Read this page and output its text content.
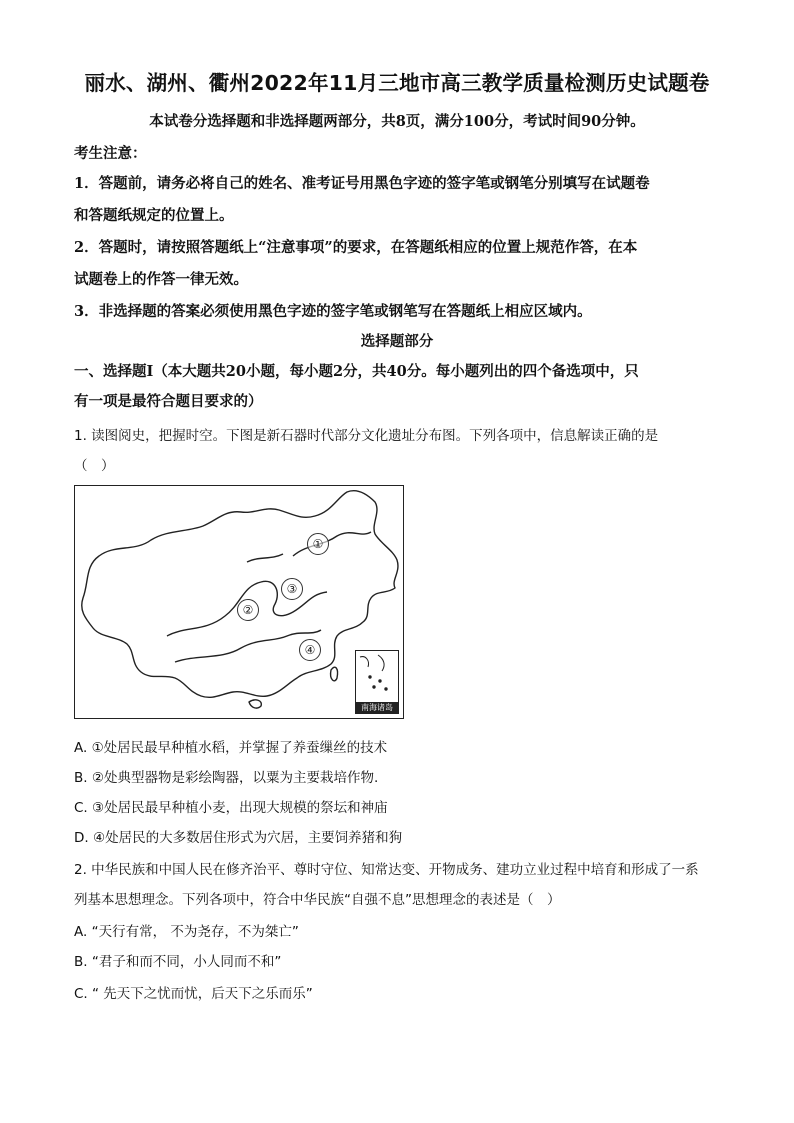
丽水、湖州、衢州2022年11月三地市高三教学质量检测历史试题卷
本试卷分选择题和非选择题两部分，共8页，满分100分，考试时间90分钟。
考生注意：
1．答题前，请务必将自己的姓名、准考证号用黑色字迹的签字笔或钢笔分别填写在试题卷
和答题纸规定的位置上。
2．答题时，请按照答题纸上“注意事项”的要求，在答题纸相应的位置上规范作答，在本
试题卷上的作答一律无效。
3．非选择题的答案必须使用黑色字迹的签字笔或钢笔写在答题纸上相应区域内。
选择题部分
一、选择题Ⅰ（本大题共20小题，每小题2分，共40分。每小题列出的四个备选项中，只
有一项是最符合题目要求的）
1. 读图阅史，把握时空。下图是新石器时代部分文化遗址分布图。下列各项中，信息解读正确的是
（　）
①
③
②
④
南海诸岛
A. ①处居民最早种植水稻，并掌握了养蚕缫丝的技术
B. ②处典型器物是彩绘陶器，以粟为主要栽培作物.
C. ③处居民最早种植小麦，出现大规模的祭坛和神庙
D. ④处居民的大多数居住形式为穴居，主要饲养猪和狗
2. 中华民族和中国人民在修齐治平、尊时守位、知常达变、开物成务、建功立业过程中培育和形成了一系
列基本思想理念。下列各项中，符合中华民族“自强不息”思想理念的表述是（　）
A. “天行有常， 不为尧存，不为桀亡”
B. “君子和而不同，小人同而不和”
C. “ 先天下之忧而忧，后天下之乐而乐”
